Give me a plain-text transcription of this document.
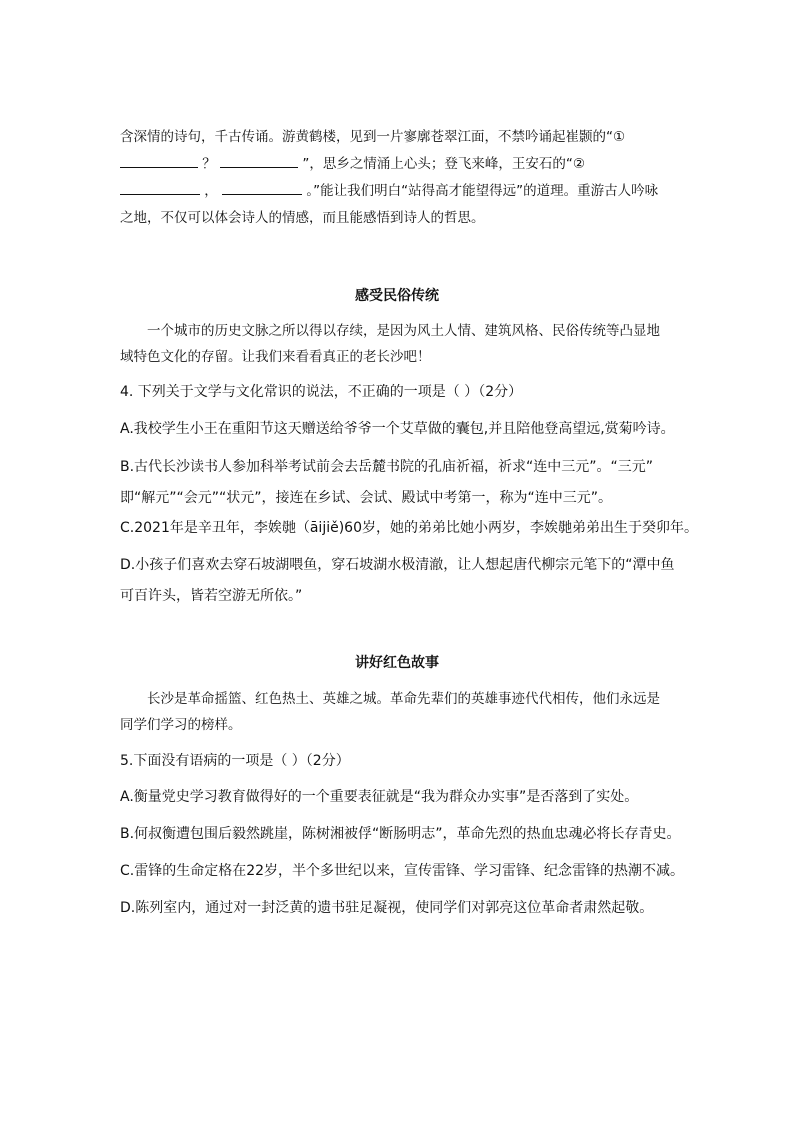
含深情的诗句，千古传诵。游黄鹤楼，见到一片寥廓苍翠江面，不禁吟诵起崔颢的“①
？	”，思乡之情涌上心头；登飞来峰，王安石的“②
，	。”能让我们明白“站得高才能望得远”的道理。重游古人吟咏
之地，不仅可以体会诗人的情感，而且能感悟到诗人的哲思。
感受民俗传统
一个城市的历史文脉之所以得以存续，是因为风土人情、建筑风格、民俗传统等凸显地
域特色文化的存留。让我们来看看真正的老长沙吧！
4. 下列关于文学与文化常识的说法，不正确的一项是（ ）（2分）
A.我校学生小王在重阳节这天赠送给爷爷一个艾草做的囊包,并且陪他登高望远,赏菊吟诗。
B.古代长沙读书人参加科举考试前会去岳麓书院的孔庙祈福，祈求“连中三元”。“三元”
即“解元”“会元”“状元”，接连在乡试、会试、殿试中考第一，称为“连中三元”。
C.2021年是辛丑年，李娭毑（āijiě)60岁，她的弟弟比她小两岁，李娭毑弟弟出生于癸卯年。
D.小孩子们喜欢去穿石坡湖喂鱼，穿石坡湖水极清澈，让人想起唐代柳宗元笔下的“潭中鱼
可百许头，皆若空游无所依。”
讲好红色故事
长沙是革命摇篮、红色热土、英雄之城。革命先辈们的英雄事迹代代相传，他们永远是
同学们学习的榜样。
5.下面没有语病的一项是（ ）（2分）
A.衡量党史学习教育做得好的一个重要表征就是“我为群众办实事”是否落到了实处。
B.何叔衡遭包围后毅然跳崖，陈树湘被俘“断肠明志”，革命先烈的热血忠魂必将长存青史。
C.雷锋的生命定格在22岁，半个多世纪以来，宣传雷锋、学习雷锋、纪念雷锋的热潮不减。
D.陈列室内，通过对一封泛黄的遗书驻足凝视，使同学们对郭亮这位革命者肃然起敬。
